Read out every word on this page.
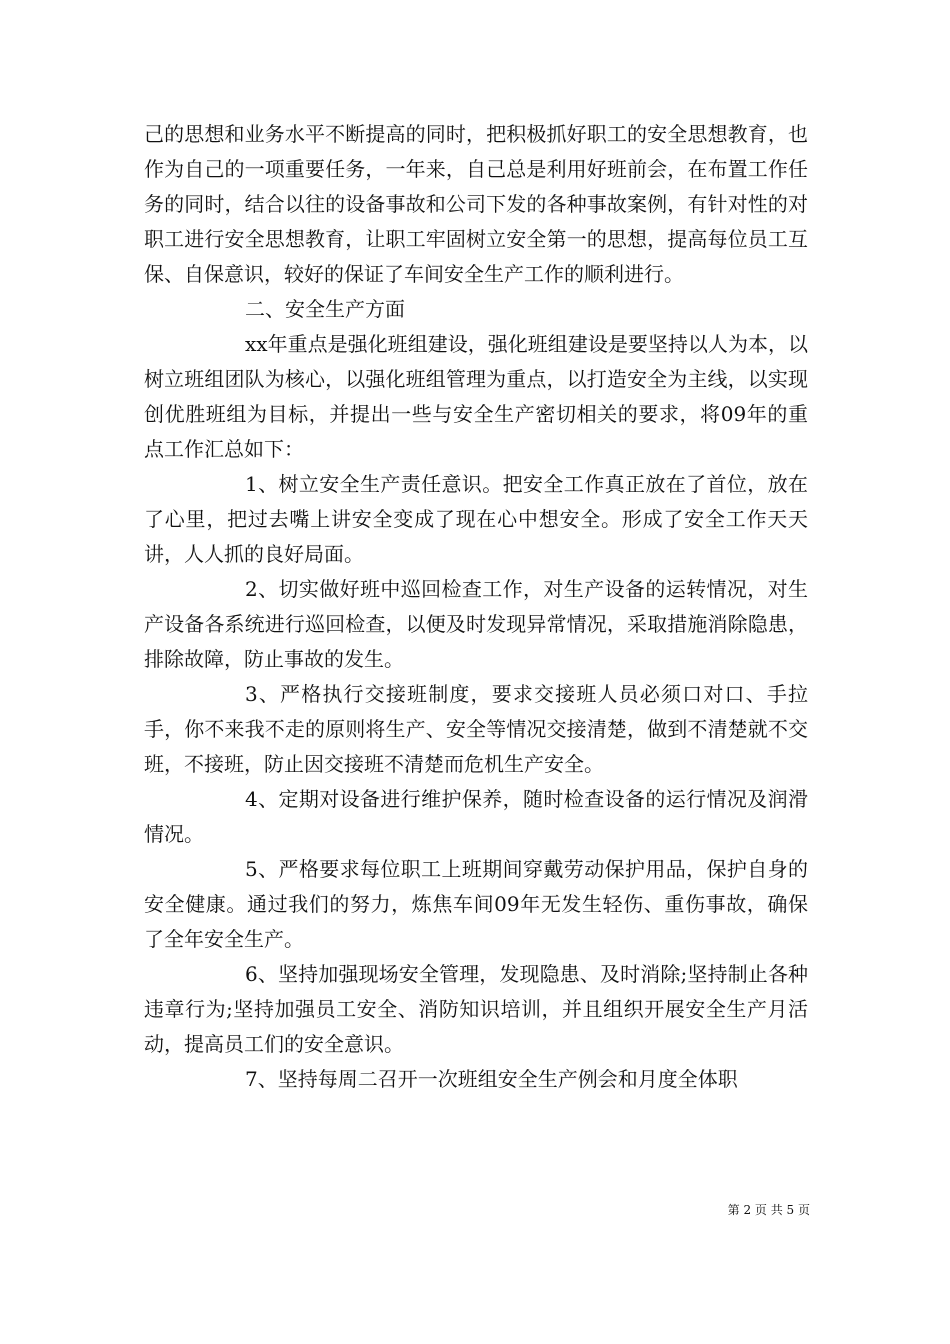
己的思想和业务水平不断提高的同时，把积极抓好职工的安全思想教育，也作为自己的一项重要任务，一年来，自己总是利用好班前会，在布置工作任务的同时，结合以往的设备事故和公司下发的各种事故案例，有针对性的对职工进行安全思想教育，让职工牢固树立安全第一的思想，提高每位员工互保、自保意识，较好的保证了车间安全生产工作的顺利进行。

二、安全生产方面

xx年重点是强化班组建设，强化班组建设是要坚持以人为本，以树立班组团队为核心，以强化班组管理为重点，以打造安全为主线，以实现创优胜班组为目标，并提出一些与安全生产密切相关的要求，将09年的重点工作汇总如下：

1、树立安全生产责任意识。把安全工作真正放在了首位，放在了心里，把过去嘴上讲安全变成了现在心中想安全。形成了安全工作天天讲，人人抓的良好局面。

2、切实做好班中巡回检查工作，对生产设备的运转情况，对生产设备各系统进行巡回检查，以便及时发现异常情况，采取措施消除隐患，排除故障，防止事故的发生。

3、严格执行交接班制度，要求交接班人员必须口对口、手拉手，你不来我不走的原则将生产、安全等情况交接清楚，做到不清楚就不交班，不接班，防止因交接班不清楚而危机生产安全。

4、定期对设备进行维护保养，随时检查设备的运行情况及润滑情况。

5、严格要求每位职工上班期间穿戴劳动保护用品，保护自身的安全健康。通过我们的努力，炼焦车间09年无发生轻伤、重伤事故，确保了全年安全生产。

6、坚持加强现场安全管理，发现隐患、及时消除;坚持制止各种违章行为;坚持加强员工安全、消防知识培训，并且组织开展安全生产月活动，提高员工们的安全意识。

7、坚持每周二召开一次班组安全生产例会和月度全体职

第 2 页 共 5 页
